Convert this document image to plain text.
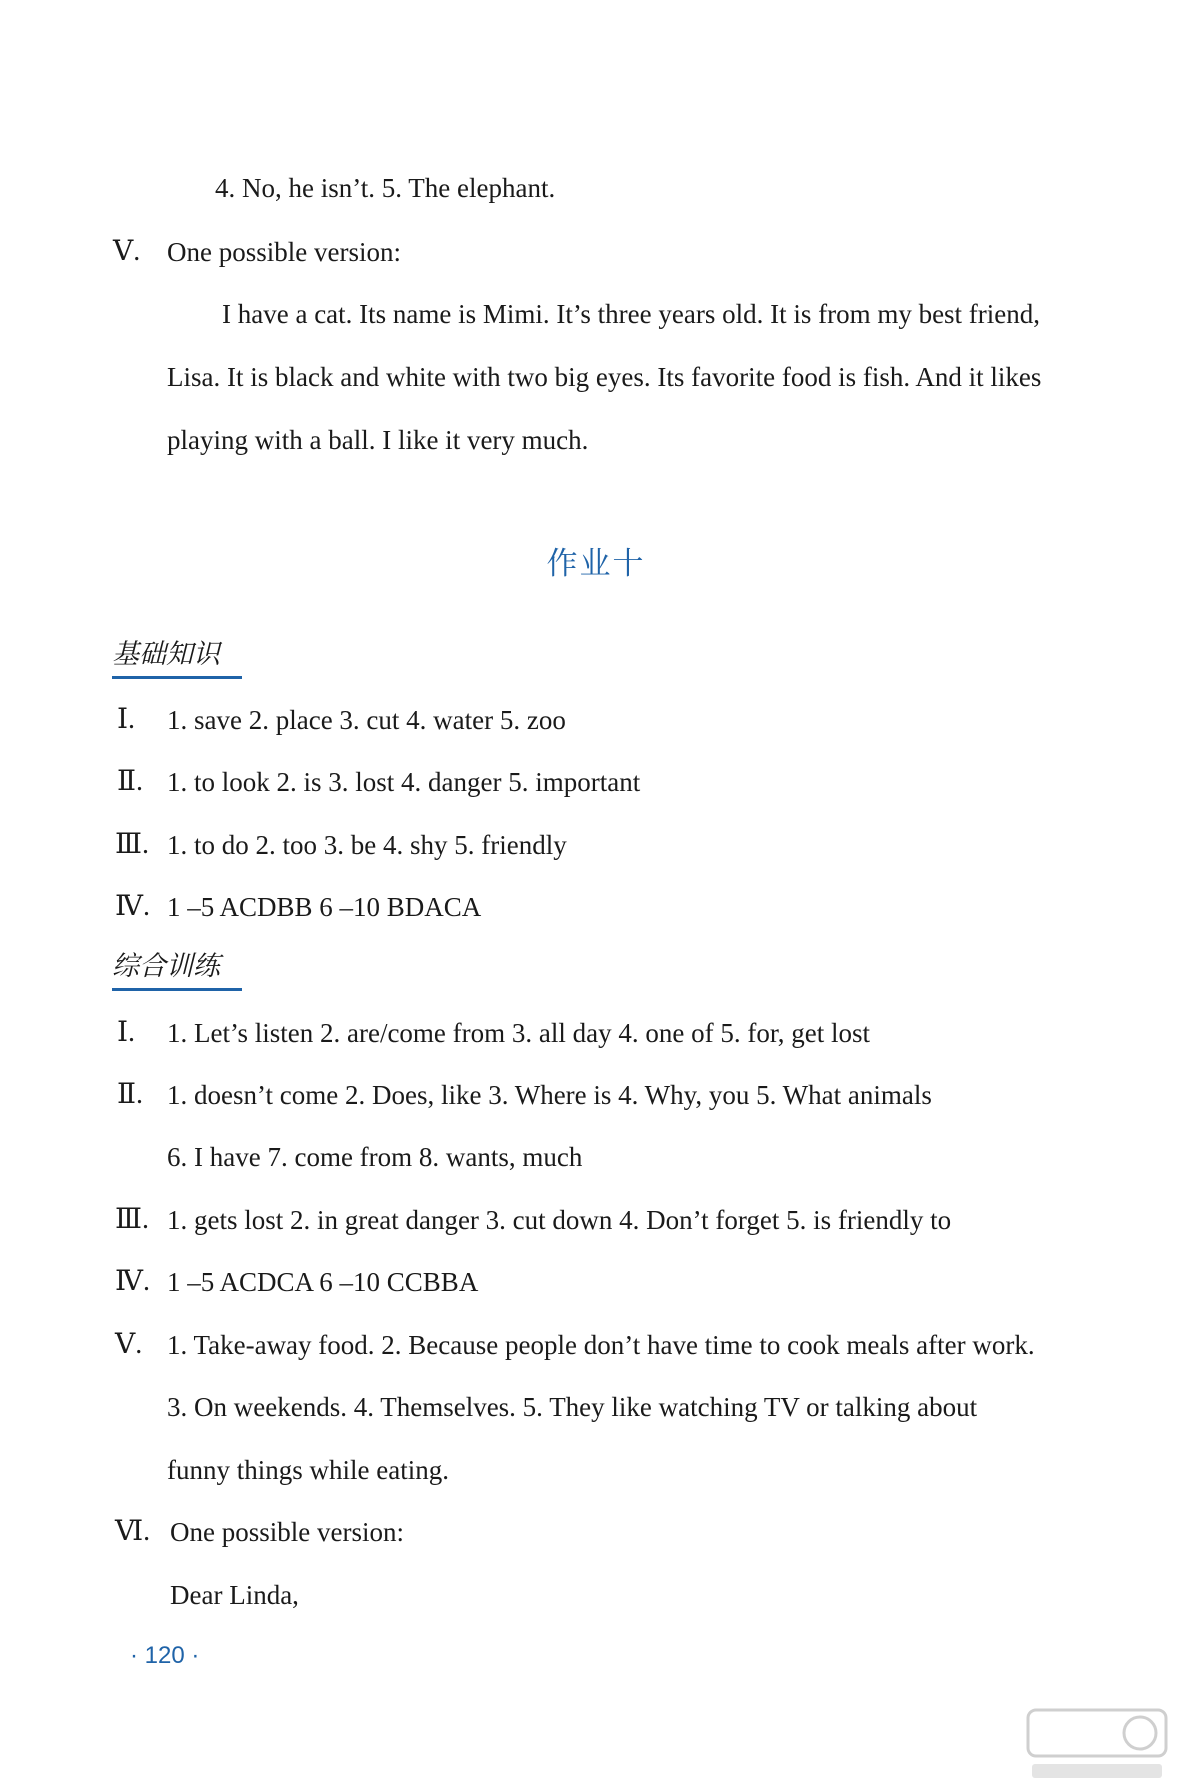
4. No, he isn’t. 5. The elephant.
Ⅴ. One possible version:
I have a cat. Its name is Mimi. It’s three years old. It is from my best friend,
Lisa. It is black and white with two big eyes. Its favorite food is fish. And it likes
playing with a ball. I like it very much.
作业十
基础知识
Ⅰ. 1. save 2. place 3. cut 4. water 5. zoo
Ⅱ. 1. to look 2. is 3. lost 4. danger 5. important
Ⅲ. 1. to do 2. too 3. be 4. shy 5. friendly
Ⅳ. 1 –5 ACDBB 6 –10 BDACA
综合训练
Ⅰ. 1. Let’s listen 2. are/come from 3. all day 4. one of 5. for, get lost
Ⅱ. 1. doesn’t come 2. Does, like 3. Where is 4. Why, you 5. What animals
6. I have 7. come from 8. wants, much
Ⅲ. 1. gets lost 2. in great danger 3. cut down 4. Don’t forget 5. is friendly to
Ⅳ. 1 –5 ACDCA 6 –10 CCBBA
Ⅴ. 1. Take-away food. 2. Because people don’t have time to cook meals after work.
3. On weekends. 4. Themselves. 5. They like watching TV or talking about
funny things while eating.
Ⅵ. One possible version:
Dear Linda,
· 120 ·
